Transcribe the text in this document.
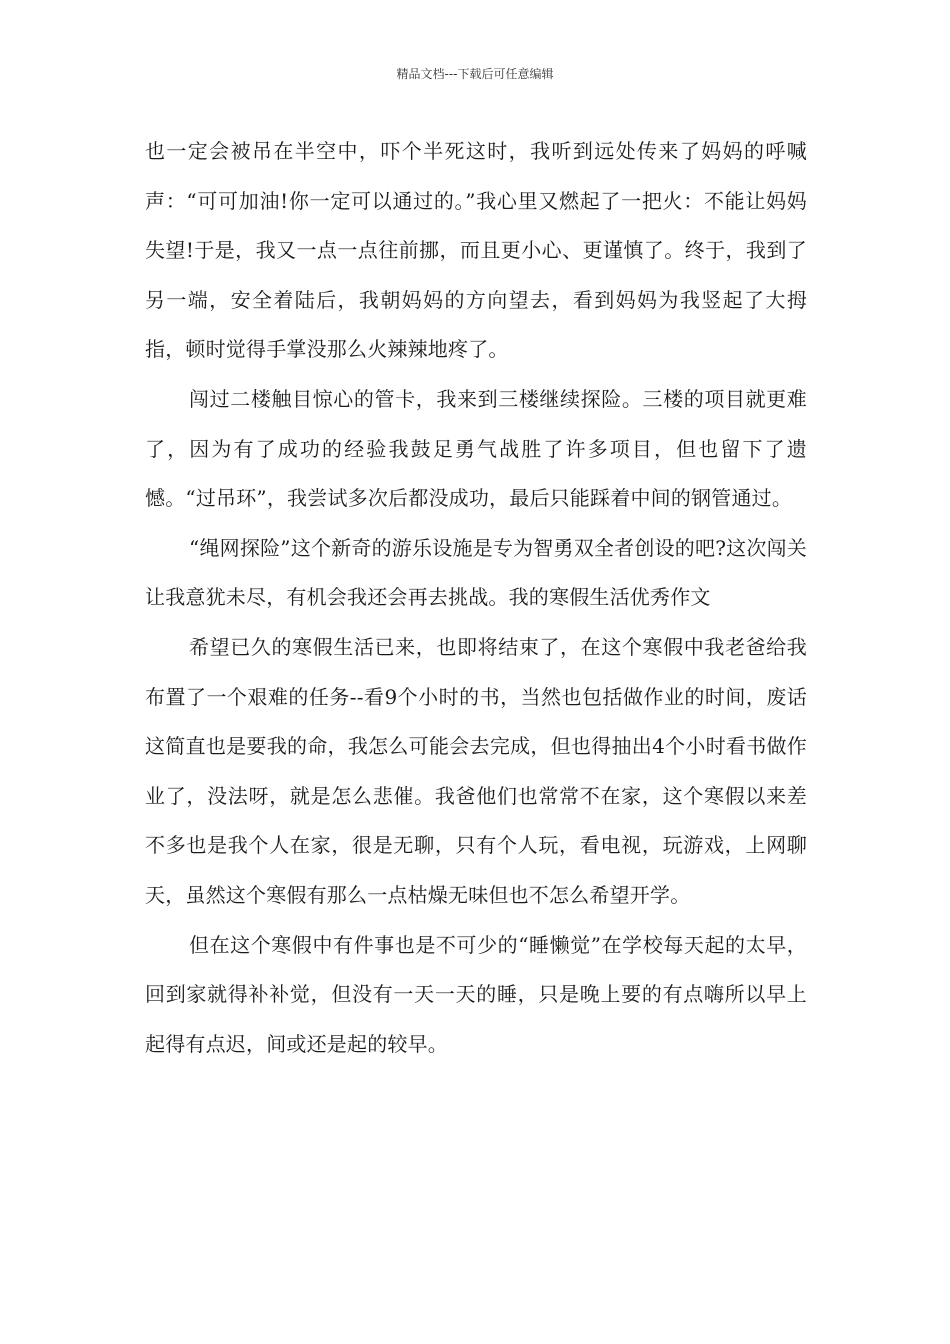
精品文档---下载后可任意编辑

也一定会被吊在半空中，吓个半死这时，我听到远处传来了妈妈的呼喊声：“可可加油!你一定可以通过的。”我心里又燃起了一把火：不能让妈妈失望!于是，我又一点一点往前挪，而且更小心、更谨慎了。终于，我到了另一端，安全着陆后，我朝妈妈的方向望去，看到妈妈为我竖起了大拇指，顿时觉得手掌没那么火辣辣地疼了。

闯过二楼触目惊心的管卡，我来到三楼继续探险。三楼的项目就更难了，因为有了成功的经验我鼓足勇气战胜了许多项目，但也留下了遗憾。“过吊环”，我尝试多次后都没成功，最后只能踩着中间的钢管通过。

“绳网探险”这个新奇的游乐设施是专为智勇双全者创设的吧?这次闯关让我意犹未尽，有机会我还会再去挑战。我的寒假生活优秀作文

希望已久的寒假生活已来，也即将结束了，在这个寒假中我老爸给我布置了一个艰难的任务--看9个小时的书，当然也包括做作业的时间，废话这简直也是要我的命，我怎么可能会去完成，但也得抽出4个小时看书做作业了，没法呀，就是怎么悲催。我爸他们也常常不在家，这个寒假以来差不多也是我个人在家，很是无聊，只有个人玩，看电视，玩游戏，上网聊天，虽然这个寒假有那么一点枯燥无味但也不怎么希望开学。

但在这个寒假中有件事也是不可少的“睡懒觉”在学校每天起的太早，回到家就得补补觉，但没有一天一天的睡，只是晚上要的有点嗨所以早上起得有点迟，间或还是起的较早。
